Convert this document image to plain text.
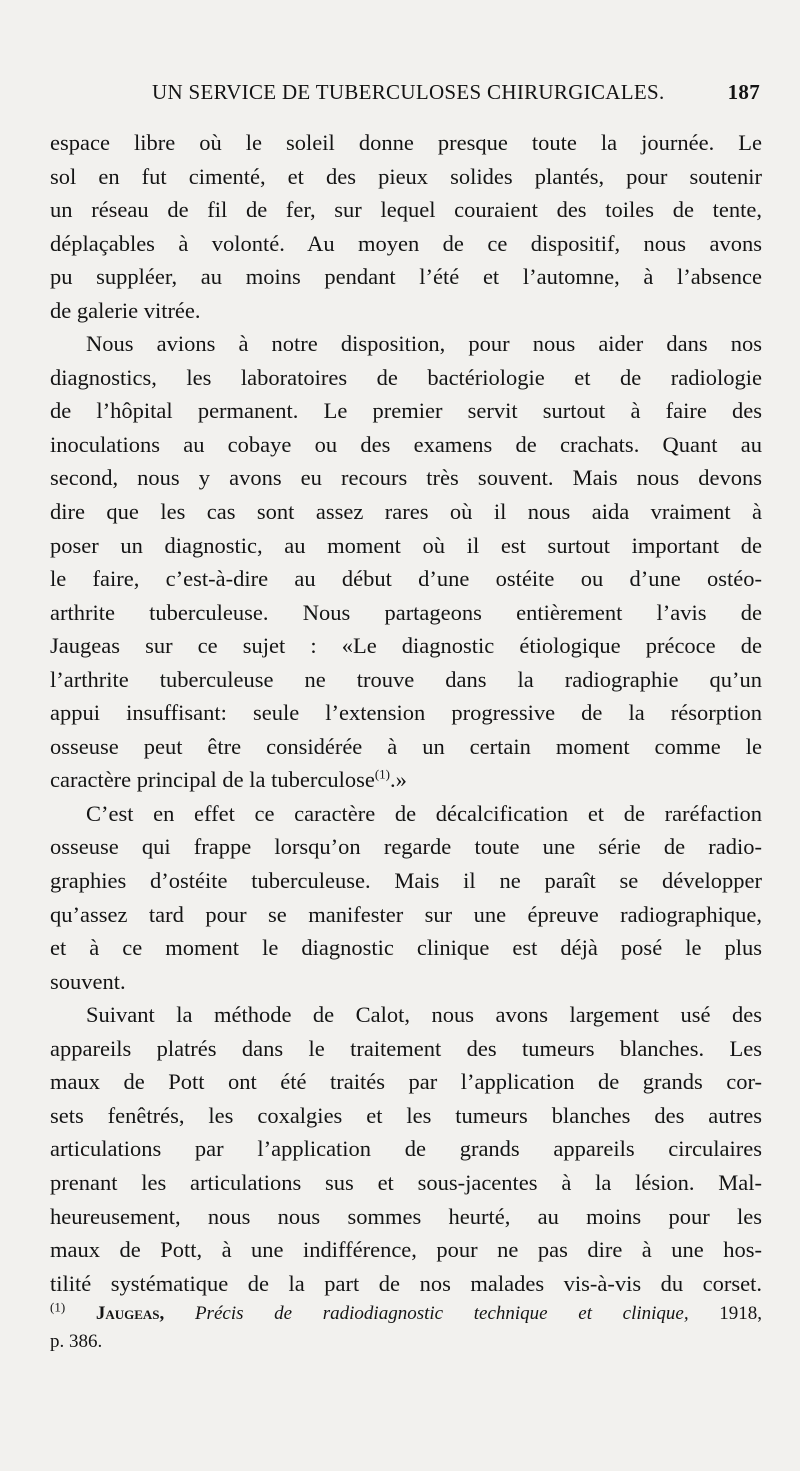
UN SERVICE DE TUBERCULOSES CHIRURGICALES.	187
espace libre où le soleil donne presque toute la journée. Le
sol en fut cimenté, et des pieux solides plantés, pour soutenir
un réseau de fil de fer, sur lequel couraient des toiles de tente,
déplaçables à volonté. Au moyen de ce dispositif, nous avons
pu suppléer, au moins pendant l’été et l’automne, à l’absence
de galerie vitrée.
Nous avions à notre disposition, pour nous aider dans nos
diagnostics, les laboratoires de bactériologie et de radiologie
de l’hôpital permanent. Le premier servit surtout à faire des
inoculations au cobaye ou des examens de crachats. Quant au
second, nous y avons eu recours très souvent. Mais nous devons
dire que les cas sont assez rares où il nous aida vraiment à
poser un diagnostic, au moment où il est surtout important de
le faire, c’est-à-dire au début d’une ostéite ou d’une ostéo-
arthrite tuberculeuse. Nous partageons entièrement l’avis de
Jaugeas sur ce sujet : «Le diagnostic étiologique précoce de
l’arthrite tuberculeuse ne trouve dans la radiographie qu’un
appui insuffisant: seule l’extension progressive de la résorption
osseuse peut être considérée à un certain moment comme le
caractère principal de la tuberculose$^{(1)}$.»
C’est en effet ce caractère de décalcification et de raréfaction
osseuse qui frappe lorsqu’on regarde toute une série de radio-
graphies d’ostéite tuberculeuse. Mais il ne paraît se développer
qu’assez tard pour se manifester sur une épreuve radiographique,
et à ce moment le diagnostic clinique est déjà posé le plus
souvent.
Suivant la méthode de Calot, nous avons largement usé des
appareils platrés dans le traitement des tumeurs blanches. Les
maux de Pott ont été traités par l’application de grands cor-
sets fenêtrés, les coxalgies et les tumeurs blanches des autres
articulations par l’application de grands appareils circulaires
prenant les articulations sus et sous-jacentes à la lésion. Mal-
heureusement, nous nous sommes heurté, au moins pour les
maux de Pott, à une indifférence, pour ne pas dire à une hos-
tilité systématique de la part de nos malades vis-à-vis du corset.
$^{(1)}$ Jaugeas, Précis de radiodiagnostic technique et clinique, 1918,
p. 386.
